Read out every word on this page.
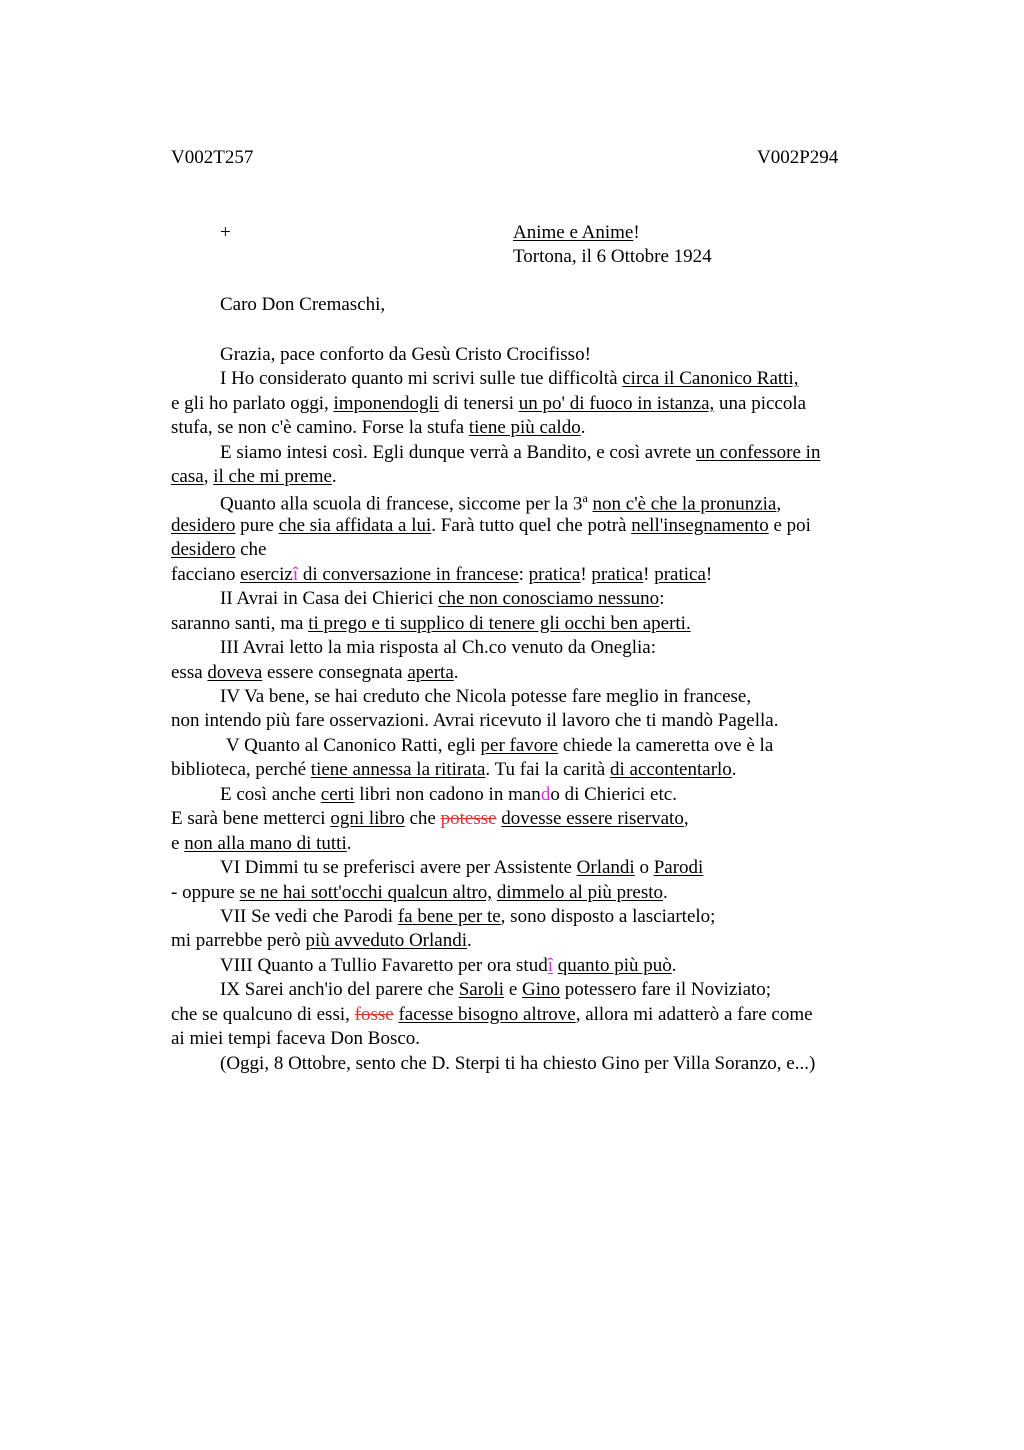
V002T257	V002P294
+	Anime e Anime!
Tortona, il 6 Ottobre 1924
Caro Don Cremaschi,
Grazia, pace conforto da Gesù Cristo Crocifisso!
I Ho considerato quanto mi scrivi sulle tue difficoltà circa il Canonico Ratti,
e gli ho parlato oggi, imponendogli di tenersi un po' di fuoco in istanza, una piccola
stufa, se non c'è camino. Forse la stufa tiene più caldo.
E siamo intesi così. Egli dunque verrà a Bandito, e così avrete un confessore in
casa, il che mi preme.
Quanto alla scuola di francese, siccome per la 3$^a$ non c'è che la pronunzia,
desidero pure che sia affidata a lui. Farà tutto quel che potrà nell'insegnamento e poi
desidero che
facciano esercizî di conversazione in francese: pratica! pratica! pratica!
II Avrai in Casa dei Chierici che non conosciamo nessuno:
saranno santi, ma ti prego e ti supplico di tenere gli occhi ben aperti.
III Avrai letto la mia risposta al Ch.co venuto da Oneglia:
essa doveva essere consegnata aperta.
IV Va bene, se hai creduto che Nicola potesse fare meglio in francese,
non intendo più fare osservazioni. Avrai ricevuto il lavoro che ti mandò Pagella.
V Quanto al Canonico Ratti, egli per favore chiede la cameretta ove è la
biblioteca, perché tiene annessa la ritirata. Tu fai la carità di accontentarlo.
E così anche certi libri non cadono in mando di Chierici etc.
E sarà bene metterci ogni libro che potesse dovesse essere riservato,
e non alla mano di tutti.
VI Dimmi tu se preferisci avere per Assistente Orlandi o Parodi
- oppure se ne hai sott'occhi qualcun altro, dimmelo al più presto.
VII Se vedi che Parodi fa bene per te, sono disposto a lasciartelo;
mi parrebbe però più avveduto Orlandi.
VIII Quanto a Tullio Favaretto per ora studî quanto più può.
IX Sarei anch'io del parere che Saroli e Gino potessero fare il Noviziato;
che se qualcuno di essi, fosse facesse bisogno altrove, allora mi adatterò a fare come
ai miei tempi faceva Don Bosco.
(Oggi, 8 Ottobre, sento che D. Sterpi ti ha chiesto Gino per Villa Soranzo, e...)
